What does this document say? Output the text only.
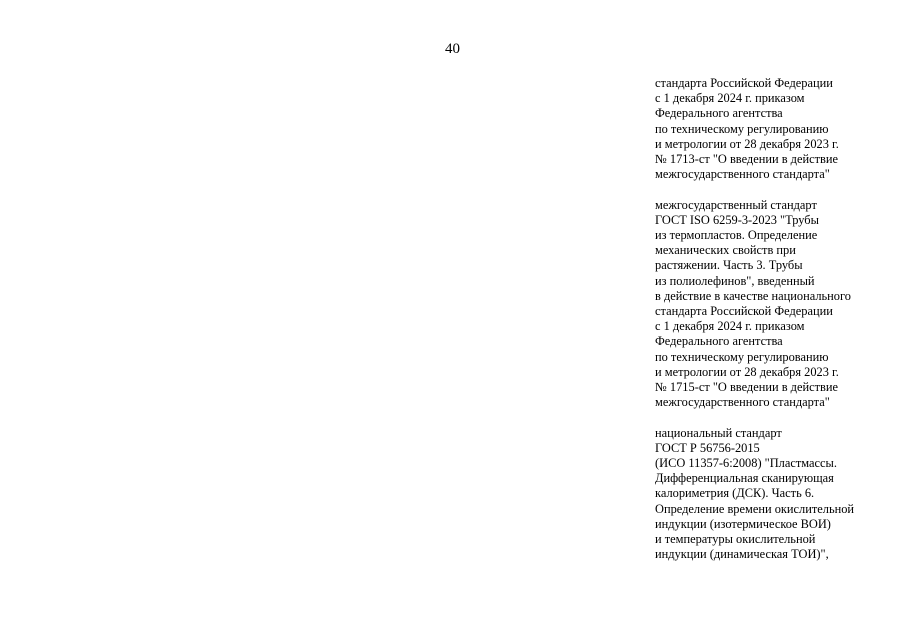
40
стандарта Российской Федерации
с 1 декабря 2024 г. приказом
Федерального агентства
по техническому регулированию
и метрологии от 28 декабря 2023 г.
№ 1713-ст "О введении в действие
межгосударственного стандарта"
межгосударственный стандарт
ГОСТ ISO 6259-3-2023 "Трубы
из термопластов. Определение
механических свойств при
растяжении. Часть 3. Трубы
из полиолефинов", введенный
в действие в качестве национального
стандарта Российской Федерации
с 1 декабря 2024 г. приказом
Федерального агентства
по техническому регулированию
и метрологии от 28 декабря 2023 г.
№ 1715-ст "О введении в действие
межгосударственного стандарта"
национальный стандарт
ГОСТ Р 56756-2015
(ИСО 11357-6:2008) "Пластмассы.
Дифференциальная сканирующая
калориметрия (ДСК). Часть 6.
Определение времени окислительной
индукции (изотермическое ВОИ)
и температуры окислительной
индукции (динамическая ТОИ)",
